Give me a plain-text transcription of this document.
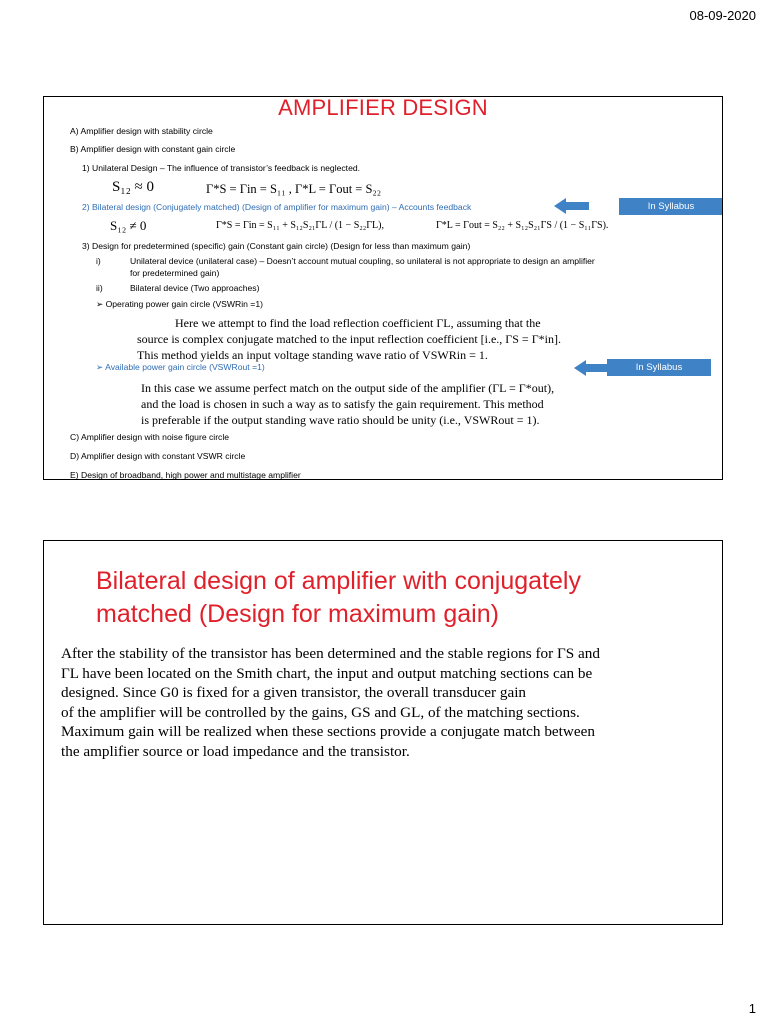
08-09-2020
AMPLIFIER DESIGN
A) Amplifier design with stability circle
B) Amplifier design with constant gain circle
1) Unilateral Design – The influence of transistor’s feedback is neglected.
S₁₂ ≈ 0	Γ*S = Γin = S₁₁ , Γ*L = Γout = S₂₂
2) Bilateral design (Conjugately matched) (Design of amplifier for maximum gain) – Accounts feedback	In Syllabus
S₁₂ ≠ 0	Γ*S = Γin = S₁₁ + S₁₂S₂₁ΓL / (1 − S₂₂ΓL),	Γ*L = Γout = S₂₂ + S₁₂S₂₁ΓS / (1 − S₁₁ΓS).
3) Design for predetermined (specific) gain (Constant gain circle) (Design for less than maximum gain)
i)	Unilateral device (unilateral case) – Doesn’t account mutual coupling, so unilateral is not appropriate to design an amplifier
for predetermined gain)
ii)	Bilateral device (Two approaches)
➢ Operating power gain circle (VSWRin =1)
Here we attempt to find the load reflection coefficient ΓL, assuming that the
source is complex conjugate matched to the input reflection coefficient [i.e., ΓS = Γ*in].
This method yields an input voltage standing wave ratio of VSWRin = 1.
➢ Available power gain circle (VSWRout =1)	In Syllabus
In this case we assume perfect match on the output side of the amplifier (ΓL = Γ*out),
and the load is chosen in such a way as to satisfy the gain requirement. This method
is preferable if the output standing wave ratio should be unity (i.e., VSWRout = 1).
C) Amplifier design with noise figure circle
D) Amplifier design with constant VSWR circle
E) Design of broadband, high power and multistage amplifier
Bilateral design of amplifier with conjugately
matched (Design for maximum gain)
After the stability of the transistor has been determined and the stable regions for ΓS and
ΓL have been located on the Smith chart, the input and output matching sections can be
designed. Since G0 is fixed for a given transistor, the overall transducer gain
of the amplifier will be controlled by the gains, GS and GL, of the matching sections.
Maximum gain will be realized when these sections provide a conjugate match between
the amplifier source or load impedance and the transistor.
1
